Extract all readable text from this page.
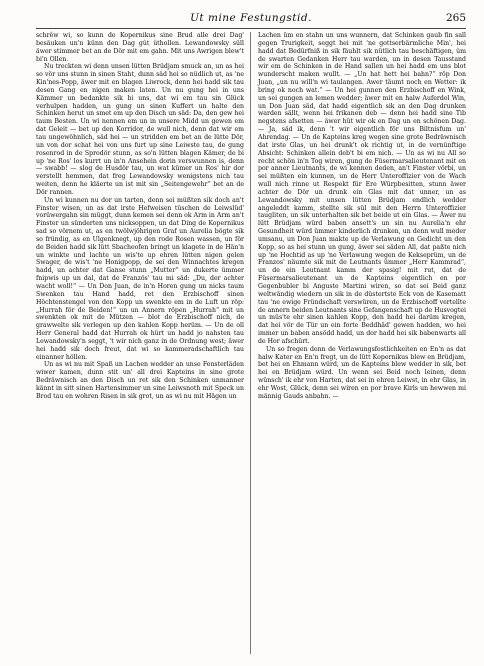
Ut mine Festungstid.	265

schrêw wi, so kunn de Kopernikus sine Brud alle drei Dag' besäuken un'n künn den Dag gût ûthollen. Lewandowsky süll äwer stimmer bet an de Dör mit em gahn. Mit uns Awrigen blew't bi'n Ollen.

Nu treckten wi denn unsen lütten Brüdjam smuck an, un as hei so vör uns stunn in sinen Staht, dunn sâd hei so nüdlich ut, as 'ne Kin'nes-Popp, äwer mit en blagen Liwrock, denn hei hadd sik tau desen Gang en nigen maken laten. Un nu gung hei in uns Kämmer un bedankte sik bi uns, dat wi em tau sin Glück verhulpen hadden, un gung un sinen Kuffert un halte den Schinken herut un smet em up den Disch un säd: Da, den gew hei taum Besten. Un wi nennen em un in unsere Midd un gewen em dat Geleit — bet up den Korridor, de wull nich, denn dat wir em tau ungewöhnlich, säd hei — un stridden em bet an de lütte Dör, un von dor schat hei von uns furt up sine Leiwste tau, de gung rosenrod in de Sprodör stunn, as so'n lütten blagen Kämer, de bi up 'ne Ros' los kurrt un in'n Ansehein dorin verswunnen is, denn — swabb! — slog de Husdör tau, un wat kümer un Ros' hir dor verstellt hemmen, dat freg Lewandowsky wenigstens nich tau weiten, denn he kläerte un ist mit sin „Seitengewehr“ bet an de Dör rannen.

Un wi kunnen nu dor un tarten, denn sei müßten sik doch an't Finster wisen, un as dat irste Hefweisen tüschen de Leiwslüd' vorüwergahn sin müggt, dunn kemen sei denn ok Arm in Arm an't Finster un sünderten uns nicksoppen, un dat Ding de Kopernikus sad so vörnem ut, as en twölwjöhrigen Graf un Aurelia bögte sik so fründig, as en Ulgenknegt, up den rode Rosen wassen, un för de Beiden hadd sik lütt Sbacheofen bringt un klagete in de Hän'n un winkte und lachte un wis'te up ehren lütten nigen gelen Swager, de wis't 'ne Honigpopp, de sei den Winnachtes kregen hadd, un achter dat Ganse stunn „Mutter“ un dukerte ümmer fnipwis up un dal, dat de Französ' tau mi säd: „Du, der achter wacht woll!“ — Un Don Juan, de in'n Horen gung un nicks taum Swenken tau Hand hadd, ret den Erzbischoff sinen Höchtenstengel von den Kopp un swenkte em in de Luft un röp: „Hurrah för de Beiden!“ un un Annern röpen „Hurrah“ mit un swenkten ok mit de Mützen — blot de Erzbischoff nich, de grawwelte sik verlegen up den kahlen Kopp herüm. — Un de oll Herr General hadd dat Hurrah ok hürt un hadd jo nahsten tau Lewandowsky'n seggt, 't wir nich ganz in de Ordnung west; äwer hei hadd sik doch freut, dat wi so kammeradschaftlich tau einanner höllen.

Un as wi nu mit Spaß un Lachen wedder an unse Fensterläden wiwer kamen, dunn stit un' all drei Kapteins in sine grote Bedräwnisch an den Disch un ret sik den Schinken unmanner kännt in sitt sinen Hartensimmer un sine Leiwsnoth mit Speck un Brod tau en wohren Risen in sik grot, un as wi nu mit Hägen un

Lachen üm en stahn un uns wunnern, dat Schinken gaub fin sall gegen Trurigkeit, seggt hei mit 'ne gottserbärmliche Min', hei hadd dat Bedürfniß in sik fäuhlt sik nütlich tau beschäftigen, ûm de swarten Gedanken Herr tau warden, un in desen Tausstand wir em de Schinken in de Hand sallen un hei hadd em uns blot wunderscht maken wullt. — „Un hat hett hei bahn?“ röp Don Juan, „un nu will'n wi taulangen. Awer täumt noch en Wetter: ik bring ok noch wat.“ — Un hei gunnen den Erzbischoff en Wink, un sei gungen an lemen wedder; äwer mit en halw Auferdel Win, un Don Juan säd, dat hadd eigentlich sik an den Dag drunken warden sällt, wenn hei frikanen deb — denn hei hadd sine Tib negstens afsetten — äwer hüt wir ok en Dag un en schönen Dag. — Ja, säd ik, denn 't wir eigentlich för uns Biltnisfum un' Ahrendag. — Un de Kapteins kreg wegen sine grote Bedräwnisch dat irste Glas, un hei drunk't ok richtig ut, in de vernünftige Absicht: Schinken allein deb't bi em nich. — Un as wi nu All so recht schön in'n Tog wiren, gung de Füsermarsalieutenant mit en por anner Lieutnants, de wi kennen deden, an't Finster vörbi, un sei müßten ein kunnen, un de Herr Unteroffizier von de Wach wull nich rinne ut Respekt für Ere Würpbesitten, stunn äwer achter de Dör un drunk ein Glas mit dat unner, un as Lewandowsky mit unsen lütten Brüdjam endlich wedder angeleddt kamm, stellte sik sül mit den Herrn Unteroffizier taugliten, un sik unterhalten sik bet beide ut ein Glas. — Äwer nu lütt Brüdjam würd baben ansett's un sin nu Aurelia'n ehr Gesundheit würd ümmer kinderlich drunken, un denn wull meder umsanu, un Don Juan makte up de Verlawung en Gedicht un den Kopp, so as hei stunn un gung, äwer sei säden All, dat paßte nich up 'ne Hochtid as up 'ne Verlawung wegen de Kekseprüm, un de Franzos' näumte sik mit de Leutnants ümmer „Herr Kammrad“, un de ein Leutnant kamm der spasig! mit rut, dat de Füsermarsalieutenant un de Kapteins eigentlich en por Gegenbubler bi Anguste Martini wiren, so dat sei Beid ganz weltwändig wiedern un sik in de düstertste Eck von de Kasematt tau 'ne ewige Fründschaft verswüren, un de Erzbischoff vertellte de annern beiden Leutnants sine Gefangenschaft up de Husvogtei un müs'te ehr sinen kahlen Kopp, den hadd hei darüm kregen, dat hei vör de Tür un ein forte Beddhäd' gewen hadden, wo hei immer un baben ansödd hadd, un dor hadd hei sik babenwarts all de Hor afschürt.

Un so fregen denn de Verlawungsfestlichkeiten en En'n as dat halw Kater en En'n fregt, un de lütt Kopernikus blew en Brüdjam, bet hei en Ehmann würd, un de Kapteins blew wedder in sik, bet hei en Brüdjam würd. Un wenn sei Beid noch leinen, denn wünsch' ik ehr von Harten, dat sei in ehren Leiwst, in ehr Glas, in ehr Wost, Glück, denn sei wiren en por brave Kirls un hewwen mi männig Gauds anbahn. —
